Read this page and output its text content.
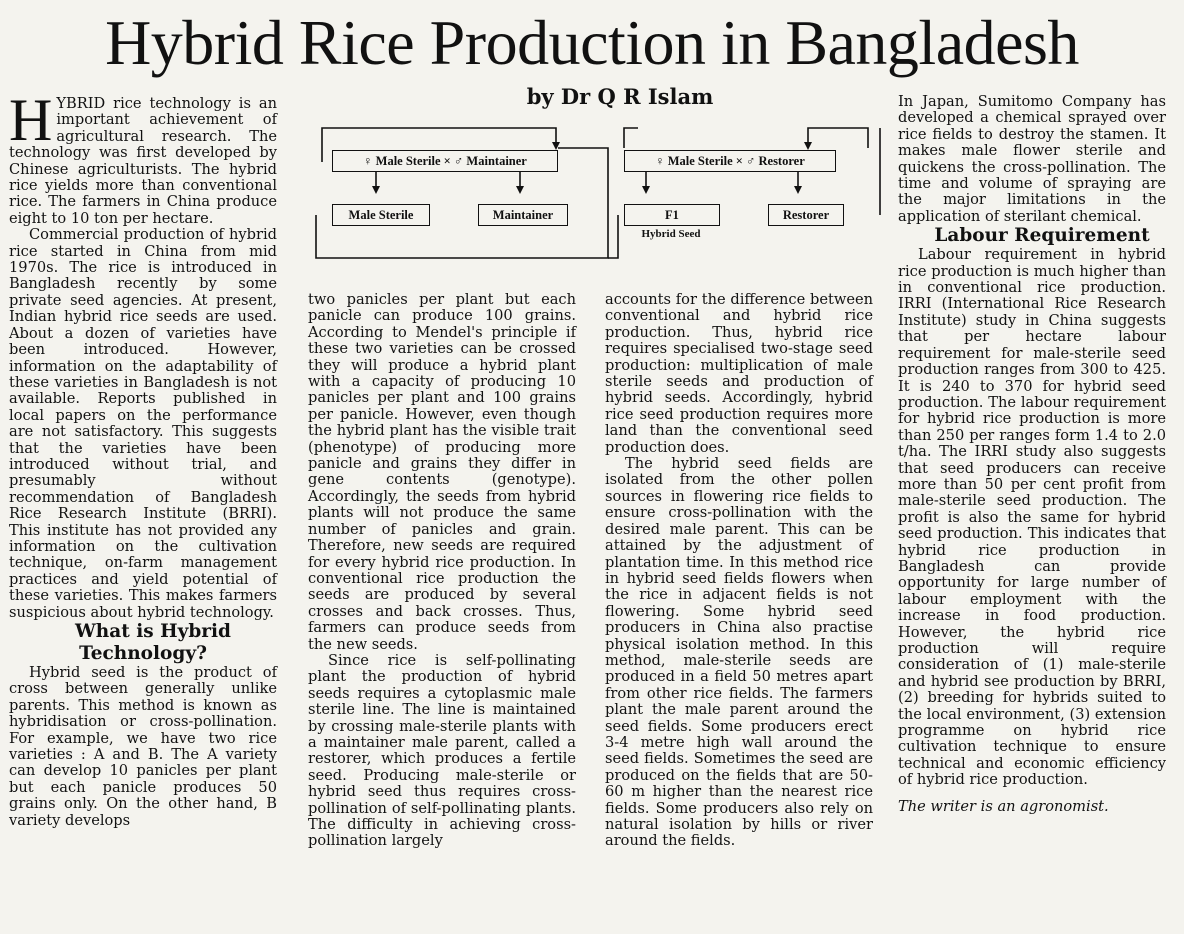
Hybrid Rice Production in Bangladesh
by Dr Q R Islam
♀ Male Sterile × ♂ Maintainer
Male Sterile	Maintainer
♀ Male Sterile × ♂ Restorer
F1
Hybrid Seed
Restorer

HYBRID rice technology is an important achievement of agricultural research. The technology was first developed by Chinese agriculturists. The hybrid rice yields more than conventional rice. The farmers in China produce eight to 10 ton per hectare.

Commercial production of hybrid rice started in China from mid 1970s. The rice is introduced in Bangladesh recently by some private seed agencies. At present, Indian hybrid rice seeds are used. About a dozen of varieties have been introduced. However, information on the adaptability of these varieties in Bangladesh is not available. Reports published in local papers on the performance are not satisfactory. This suggests that the varieties have been introduced without trial, and presumably without recommendation of Bangladesh Rice Research Institute (BRRI). This institute has not provided any information on the cultivation technique, on-farm management practices and yield potential of these varieties. This makes farmers suspicious about hybrid technology.

What is Hybrid Technology?

Hybrid seed is the product of cross between generally unlike parents. This method is known as hybridisation or cross-pollination. For example, we have two rice varieties : A and B. The A variety can develop 10 panicles per plant but each panicle produces 50 grains only. On the other hand, B variety develops

two panicles per plant but each panicle can produce 100 grains. According to Mendel's principle if these two varieties can be crossed they will produce a hybrid plant with a capacity of producing 10 panicles per plant and 100 grains per panicle. However, even though the hybrid plant has the visible trait (phenotype) of producing more panicle and grains they differ in gene contents (genotype). Accordingly, the seeds from hybrid plants will not produce the same number of panicles and grain. Therefore, new seeds are required for every hybrid rice production. In conventional rice production the seeds are produced by several crosses and back crosses. Thus, farmers can produce seeds from the new seeds.

Since rice is self-pollinating plant the production of hybrid seeds requires a cytoplasmic male sterile line. The line is maintained by crossing male-sterile plants with a maintainer male parent, called a restorer, which produces a fertile seed. Producing male-sterile or hybrid seed thus requires cross-pollination of self-pollinating plants. The difficulty in achieving cross-pollination largely

accounts for the difference between conventional and hybrid rice production. Thus, hybrid rice requires specialised two-stage seed production: multiplication of male sterile seeds and production of hybrid seeds. Accordingly, hybrid rice seed production requires more land than the conventional seed production does.

The hybrid seed fields are isolated from the other pollen sources in flowering rice fields to ensure cross-pollination with the desired male parent. This can be attained by the adjustment of plantation time. In this method rice in hybrid seed fields flowers when the rice in adjacent fields is not flowering. Some hybrid seed producers in China also practise physical isolation method. In this method, male-sterile seeds are produced in a field 50 metres apart from other rice fields. The farmers plant the male parent around the seed fields. Some producers erect 3-4 metre high wall around the seed fields. Sometimes the seed are produced on the fields that are 50-60 m higher than the nearest rice fields. Some producers also rely on natural isolation by hills or river around the fields.

In Japan, Sumitomo Company has developed a chemical sprayed over rice fields to destroy the stamen. It makes male flower sterile and quickens the cross-pollination. The time and volume of spraying are the major limitations in the application of sterilant chemical.

Labour Requirement

Labour requirement in hybrid rice production is much higher than in conventional rice production. IRRI (International Rice Research Institute) study in China suggests that per hectare labour requirement for male-sterile seed production ranges from 300 to 425. It is 240 to 370 for hybrid seed production. The labour requirement for hybrid rice production is more than 250 per ranges form 1.4 to 2.0 t/ha. The IRRI study also suggests that seed producers can receive more than 50 per cent profit from male-sterile seed production. The profit is also the same for hybrid seed production. This indicates that hybrid rice production in Bangladesh can provide opportunity for large number of labour employment with the increase in food production. However, the hybrid rice production will require consideration of (1) male-sterile and hybrid see production by BRRI, (2) breeding for hybrids suited to the local environment, (3) extension programme on hybrid rice cultivation technique to ensure technical and economic efficiency of hybrid rice production.

The writer is an agronomist.
